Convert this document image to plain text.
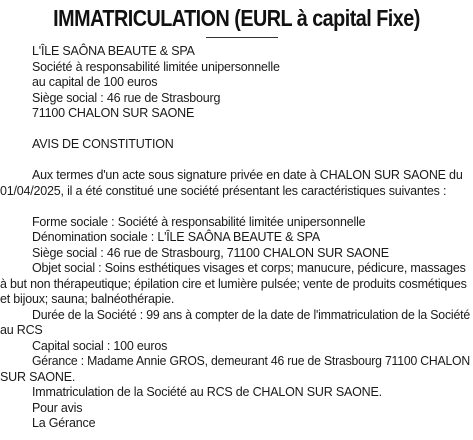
IMMATRICULATION (EURL à capital Fixe)
L'ÎLE SAÔNA BEAUTE & SPA
Société à responsabilité limitée unipersonnelle
au capital de 100 euros
Siège social : 46 rue de Strasbourg
71100 CHALON SUR SAONE
AVIS DE CONSTITUTION
Aux termes d'un acte sous signature privée en date à CHALON SUR SAONE du
01/04/2025, il a été constitué une société présentant les caractéristiques suivantes :
Forme sociale : Société à responsabilité limitée unipersonnelle
Dénomination sociale : L'ÎLE SAÔNA BEAUTE & SPA
Siège social : 46 rue de Strasbourg, 71100 CHALON SUR SAONE
Objet social : Soins esthétiques visages et corps; manucure, pédicure, massages
à but non thérapeutique; épilation cire et lumière pulsée; vente de produits cosmétiques
et bijoux; sauna; balnéothérapie.
Durée de la Société : 99 ans à compter de la date de l'immatriculation de la Société
au RCS
Capital social : 100 euros
Gérance : Madame Annie GROS, demeurant 46 rue de Strasbourg 71100 CHALON
SUR SAONE.
Immatriculation de la Société au RCS de CHALON SUR SAONE.
Pour avis
La Gérance
